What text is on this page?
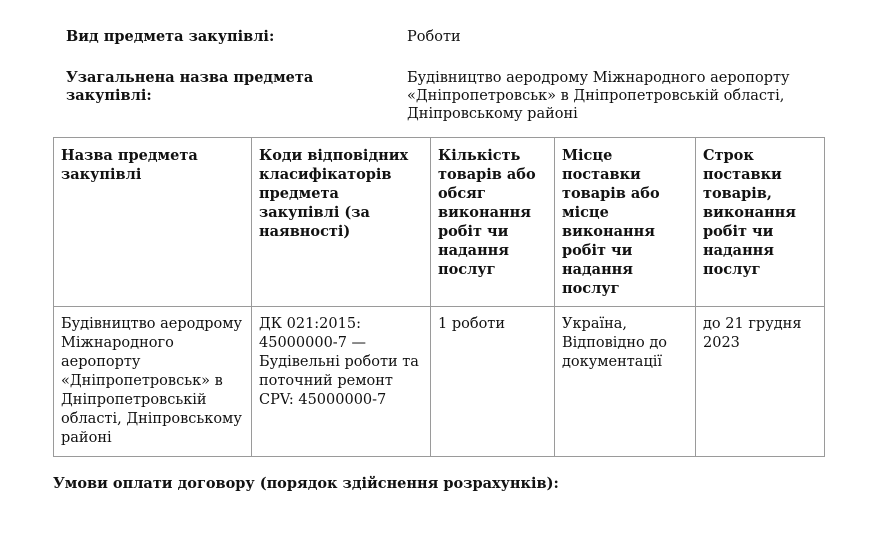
Вид предмета закупівлі:	Роботи
Узагальнена назва предмета закупівлі:
Будівництво аеродрому Міжнародного аеропорту «Дніпропетровськ» в Дніпропетровській області, Дніпровському районі
Назва предмета закупівлі	Коди відповідних класифікаторів предмета закупівлі (за наявності)	Кількість товарів або обсяг виконання робіт чи надання послуг	Місце поставки товарів або місце виконання робіт чи надання послуг	Строк поставки товарів, виконання робіт чи надання послуг
Будівництво аеродрому Міжнародного аеропорту «Дніпропетровськ» в Дніпропетровській області, Дніпровському районі	ДК 021:2015: 45000000-7 — Будівельні роботи та поточний ремонт CPV: 45000000-7	1 роботи	Україна, Відповідно до документації	до 21 грудня 2023
Умови оплати договору (порядок здійснення розрахунків):
